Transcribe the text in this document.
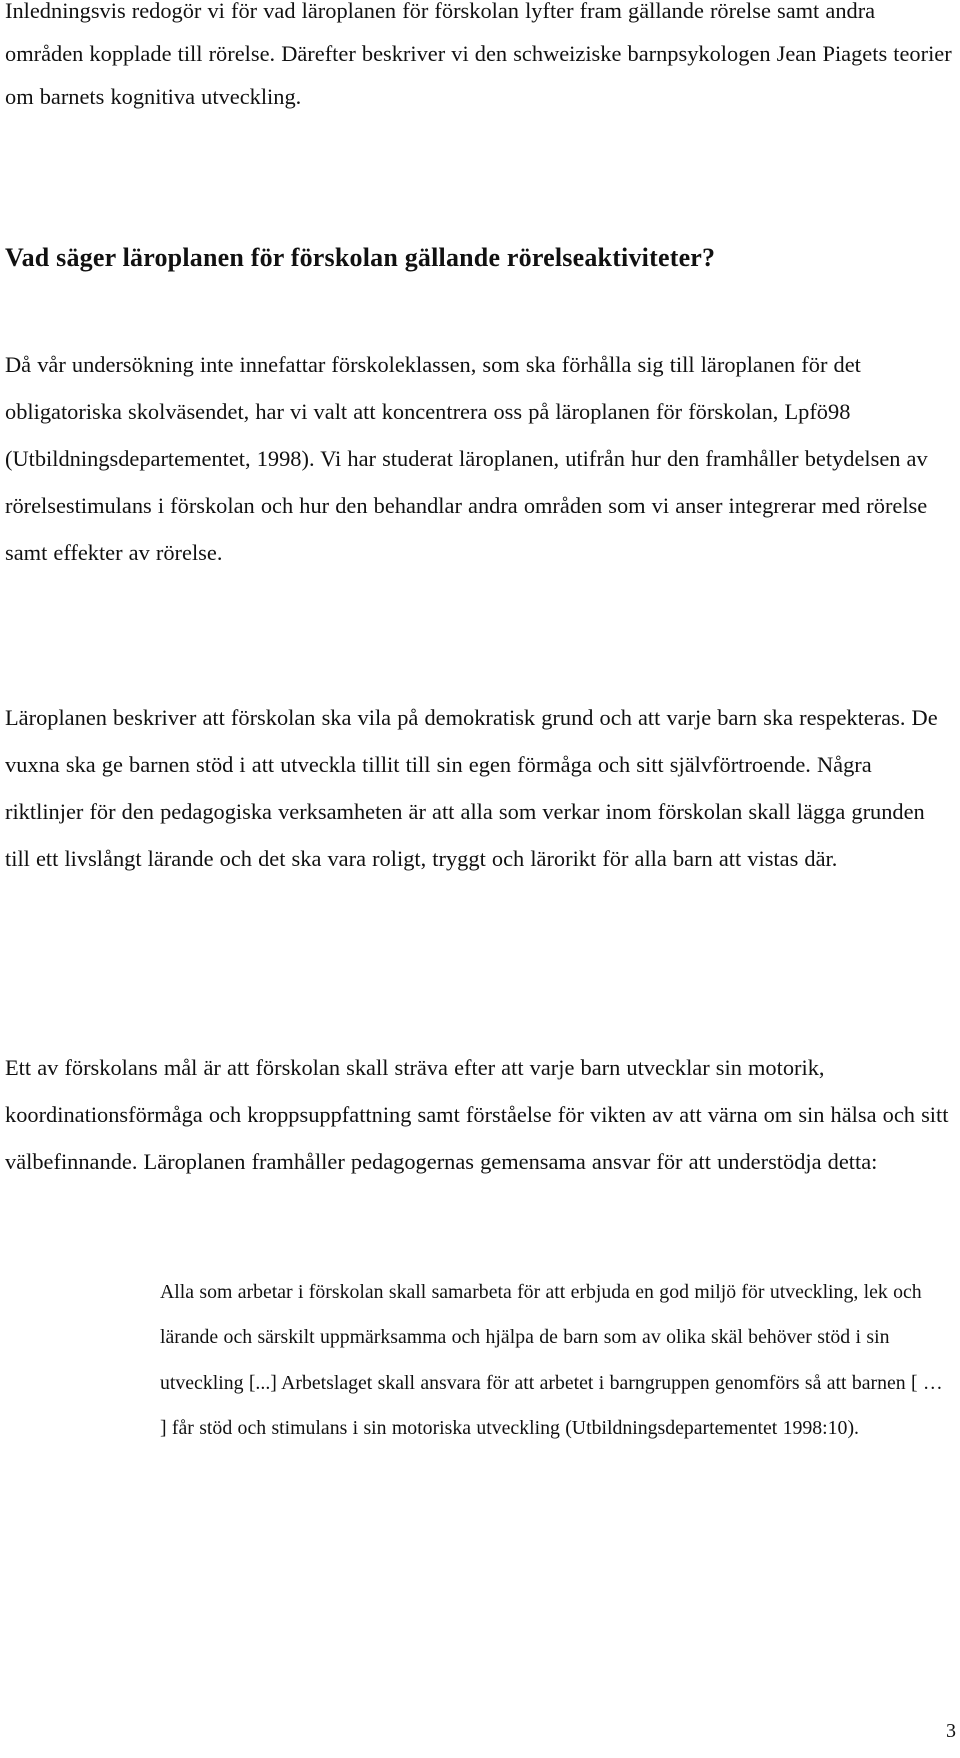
Inledningsvis redogör vi för vad läroplanen för förskolan lyfter fram gällande rörelse samt andra områden kopplade till rörelse. Därefter beskriver vi den schweiziske barnpsykologen Jean Piagets teorier om barnets kognitiva utveckling.

Vad säger läroplanen för förskolan gällande rörelseaktiviteter?

Då vår undersökning inte innefattar förskoleklassen, som ska förhålla sig till läroplanen för det obligatoriska skolväsendet, har vi valt att koncentrera oss på läroplanen för förskolan, Lpfö98 (Utbildningsdepartementet, 1998). Vi har studerat läroplanen, utifrån hur den framhåller betydelsen av rörelsestimulans i förskolan och hur den behandlar andra områden som vi anser integrerar med rörelse samt effekter av rörelse.

Läroplanen beskriver att förskolan ska vila på demokratisk grund och att varje barn ska respekteras. De vuxna ska ge barnen stöd i att utveckla tillit till sin egen förmåga och sitt självförtroende. Några riktlinjer för den pedagogiska verksamheten är att alla som verkar inom förskolan skall lägga grunden till ett livslångt lärande och det ska vara roligt, tryggt och lärorikt för alla barn att vistas där.

Ett av förskolans mål är att förskolan skall sträva efter att varje barn utvecklar sin motorik, koordinationsförmåga och kroppsuppfattning samt förståelse för vikten av att värna om sin hälsa och sitt välbefinnande. Läroplanen framhåller pedagogernas gemensama ansvar för att understödja detta:

Alla som arbetar i förskolan skall samarbeta för att erbjuda en god miljö för utveckling, lek och lärande och särskilt uppmärksamma och hjälpa de barn som av olika skäl behöver stöd i sin utveckling [...] Arbetslaget skall ansvara för att arbetet i barngruppen genomförs så att barnen [ … ] får stöd och stimulans i sin motoriska utveckling (Utbildningsdepartementet 1998:10).

3
